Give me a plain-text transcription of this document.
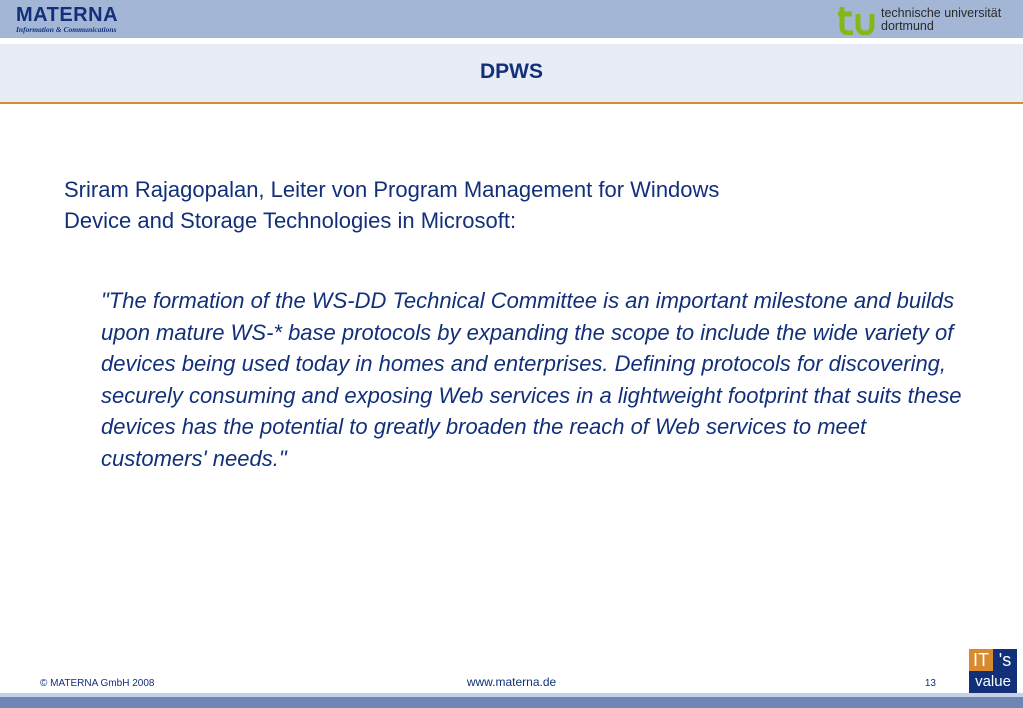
MATERNA
Information & Communications
technische universität
dortmund
DPWS
Sriram Rajagopalan, Leiter von Program Management for Windows Device and Storage Technologies in Microsoft:
"The formation of the WS-DD Technical Committee is an important milestone and builds upon mature WS-* base protocols by expanding the scope to include the wide variety of devices being used today in homes and enterprises. Defining protocols for discovering, securely consuming and exposing Web services in a lightweight footprint that suits these devices has the potential to greatly broaden the reach of Web services to meet customers' needs."
© MATERNA GmbH 2008	www.materna.de	13
IT 's
value
